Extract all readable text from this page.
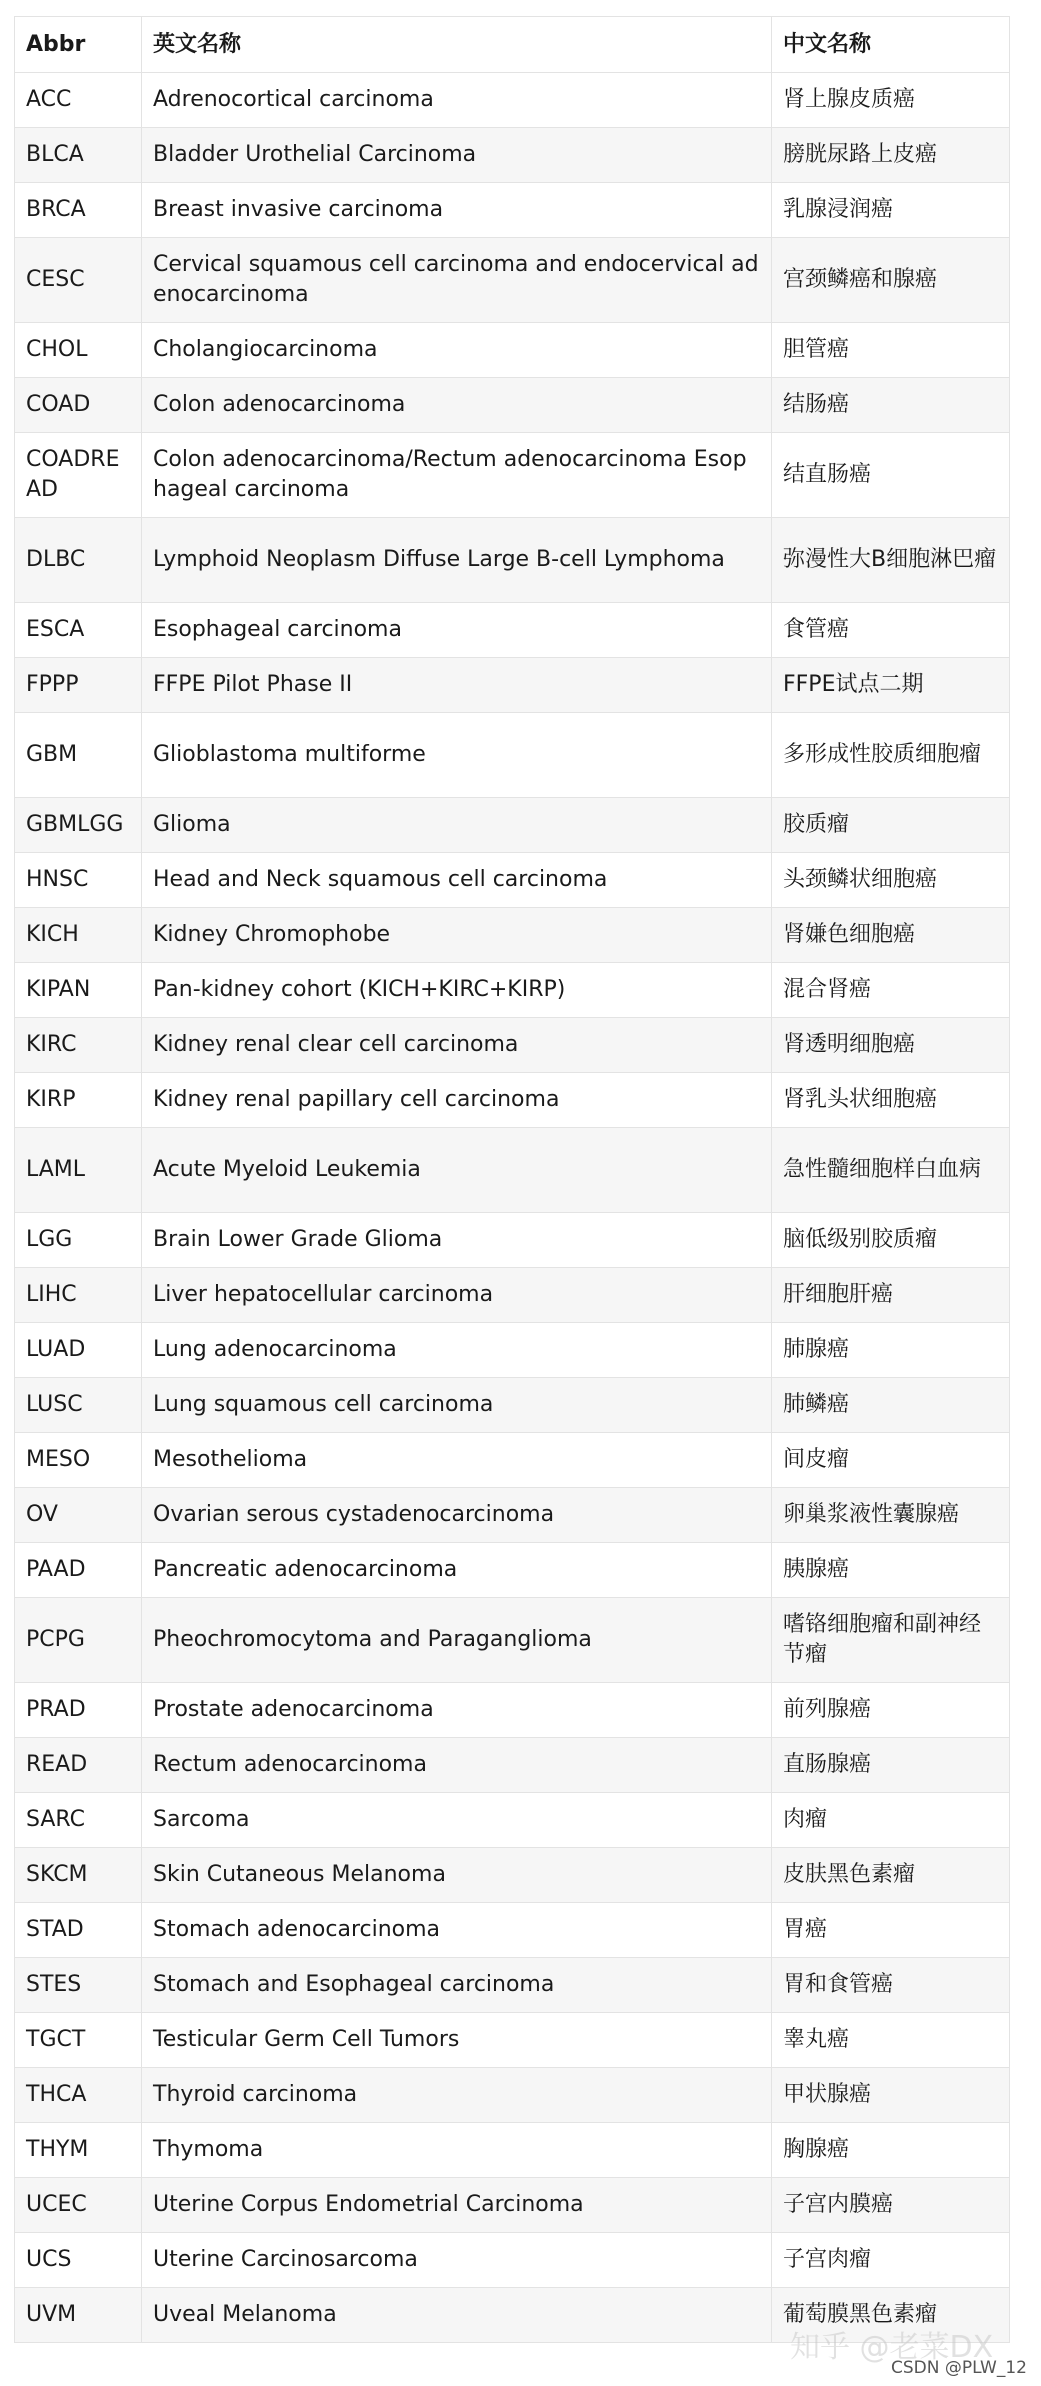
Abbr	英文名称	中文名称
ACC	Adrenocortical carcinoma	肾上腺皮质癌
BLCA	Bladder Urothelial Carcinoma	膀胱尿路上皮癌
BRCA	Breast invasive carcinoma	乳腺浸润癌
CESC	Cervical squamous cell carcinoma and endocervical adenocarcinoma	宫颈鳞癌和腺癌
CHOL	Cholangiocarcinoma	胆管癌
COAD	Colon adenocarcinoma	结肠癌
COADREAD	Colon adenocarcinoma/Rectum adenocarcinoma Esophageal carcinoma	结直肠癌
DLBC	Lymphoid Neoplasm Diffuse Large B-cell Lymphoma	弥漫性大B细胞淋巴瘤
ESCA	Esophageal carcinoma	食管癌
FPPP	FFPE Pilot Phase II	FFPE试点二期
GBM	Glioblastoma multiforme	多形成性胶质细胞瘤
GBMLGG	Glioma	胶质瘤
HNSC	Head and Neck squamous cell carcinoma	头颈鳞状细胞癌
KICH	Kidney Chromophobe	肾嫌色细胞癌
KIPAN	Pan-kidney cohort (KICH+KIRC+KIRP)	混合肾癌
KIRC	Kidney renal clear cell carcinoma	肾透明细胞癌
KIRP	Kidney renal papillary cell carcinoma	肾乳头状细胞癌
LAML	Acute Myeloid Leukemia	急性髓细胞样白血病
LGG	Brain Lower Grade Glioma	脑低级别胶质瘤
LIHC	Liver hepatocellular carcinoma	肝细胞肝癌
LUAD	Lung adenocarcinoma	肺腺癌
LUSC	Lung squamous cell carcinoma	肺鳞癌
MESO	Mesothelioma	间皮瘤
OV	Ovarian serous cystadenocarcinoma	卵巢浆液性囊腺癌
PAAD	Pancreatic adenocarcinoma	胰腺癌
PCPG	Pheochromocytoma and Paraganglioma	嗜铬细胞瘤和副神经节瘤
PRAD	Prostate adenocarcinoma	前列腺癌
READ	Rectum adenocarcinoma	直肠腺癌
SARC	Sarcoma	肉瘤
SKCM	Skin Cutaneous Melanoma	皮肤黑色素瘤
STAD	Stomach adenocarcinoma	胃癌
STES	Stomach and Esophageal carcinoma	胃和食管癌
TGCT	Testicular Germ Cell Tumors	睾丸癌
THCA	Thyroid carcinoma	甲状腺癌
THYM	Thymoma	胸腺癌
UCEC	Uterine Corpus Endometrial Carcinoma	子宫内膜癌
UCS	Uterine Carcinosarcoma	子宫肉瘤
UVM	Uveal Melanoma	葡萄膜黑色素瘤
知乎 @老菜DX
CSDN @PLW_12
